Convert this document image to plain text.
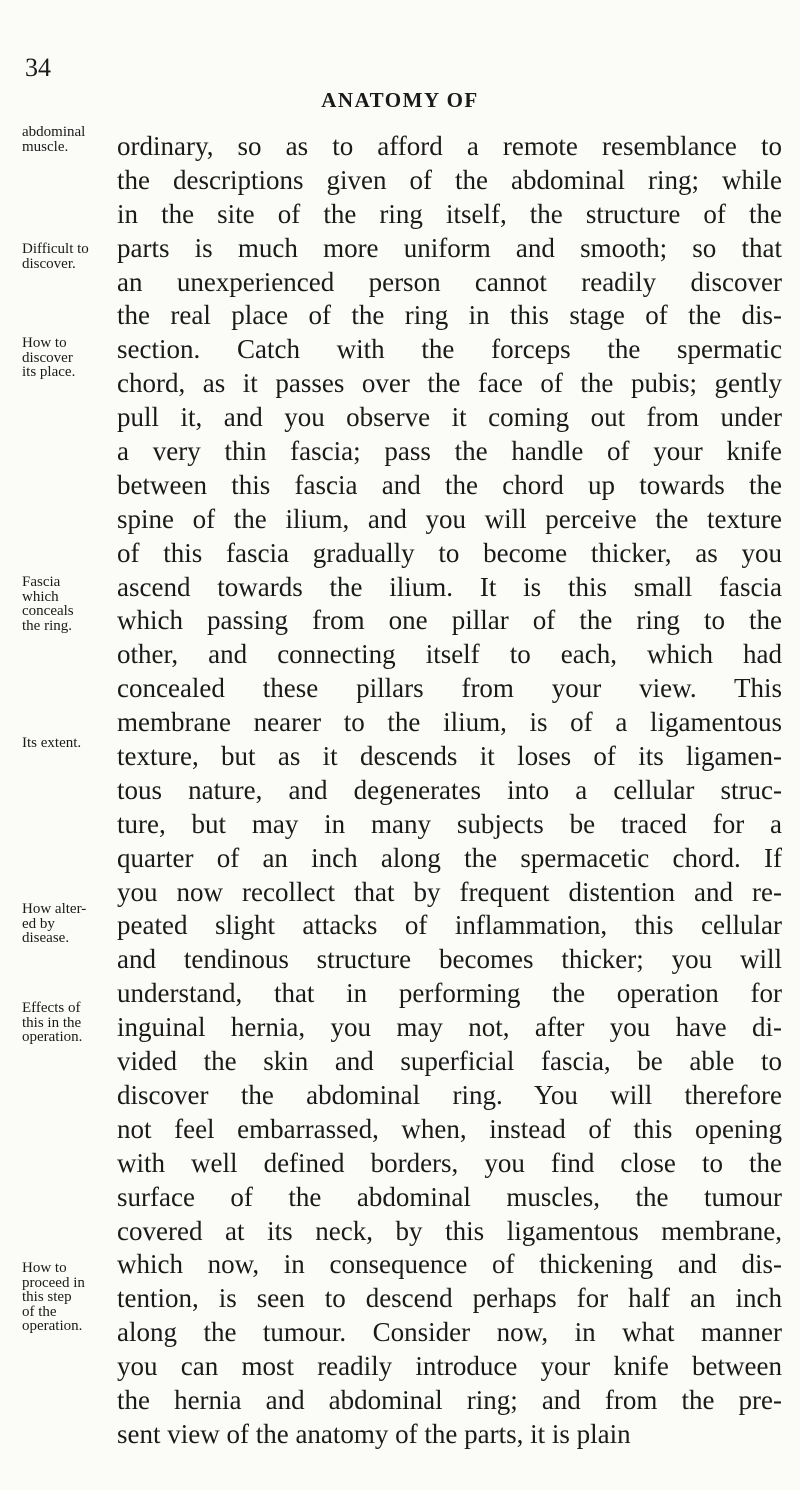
34
ANATOMY OF
abdominal
muscle.
Difficult to
discover.
How to
discover
its place.
Fascia
which
conceals
the ring.
Its extent.
How alter-
ed by
disease.
Effects of
this in the
operation.
How to
proceed in
this step
of the
operation.
ordinary, so as to afford a remote resemblance to
the descriptions given of the abdominal ring; while
in the site of the ring itself, the structure of the
parts is much more uniform and smooth; so that
an unexperienced person cannot readily discover
the real place of the ring in this stage of the dis-
section. Catch with the forceps the spermatic
chord, as it passes over the face of the pubis; gently
pull it, and you observe it coming out from under
a very thin fascia; pass the handle of your knife
between this fascia and the chord up towards the
spine of the ilium, and you will perceive the texture
of this fascia gradually to become thicker, as you
ascend towards the ilium. It is this small fascia
which passing from one pillar of the ring to the
other, and connecting itself to each, which had
concealed these pillars from your view. This
membrane nearer to the ilium, is of a ligamentous
texture, but as it descends it loses of its ligamen-
tous nature, and degenerates into a cellular struc-
ture, but may in many subjects be traced for a
quarter of an inch along the spermacetic chord. If
you now recollect that by frequent distention and re-
peated slight attacks of inflammation, this cellular
and tendinous structure becomes thicker; you will
understand, that in performing the operation for
inguinal hernia, you may not, after you have di-
vided the skin and superficial fascia, be able to
discover the abdominal ring. You will therefore
not feel embarrassed, when, instead of this opening
with well defined borders, you find close to the
surface of the abdominal muscles, the tumour
covered at its neck, by this ligamentous membrane,
which now, in consequence of thickening and dis-
tention, is seen to descend perhaps for half an inch
along the tumour. Consider now, in what manner
you can most readily introduce your knife between
the hernia and abdominal ring; and from the pre-
sent view of the anatomy of the parts, it is plain
